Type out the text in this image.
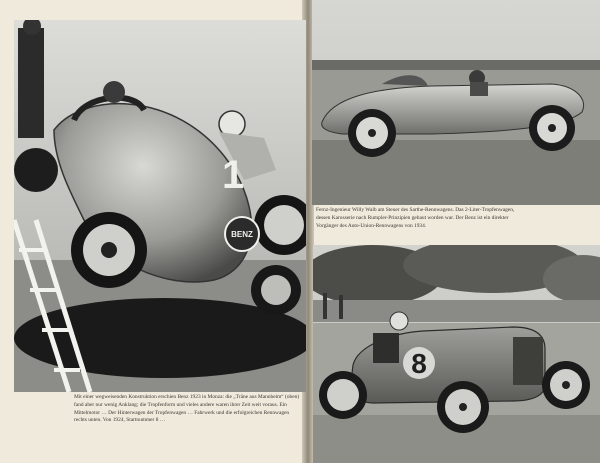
1
BENZ

Fernz-Ingenieur Willy Walb am Steuer des Sarthe-Rennwagens. Das 2-Liter-Tropfenwagen, dessen Karosserie nach Rumpler-Prinzipien gebaut worden war. Der Benz ist ein direkter Vorgänger des Auto-Union-Rennwagens von 1934.

8

Mit einer wegweisenden Konstruktion erschien Benz 1923 in Monza: die „Träne aus Mannheim“ (oben) fand aber nur wenig Anklang; die Tropfenform und vieles andere waren ihrer Zeit weit voraus. Ein Mittelmotor … Der Hinterwagen der Tropfenwagen … Fahrwerk und die erfolgreichen Rennwagen rechts unten. Von 1924, Startnummer 8 …
